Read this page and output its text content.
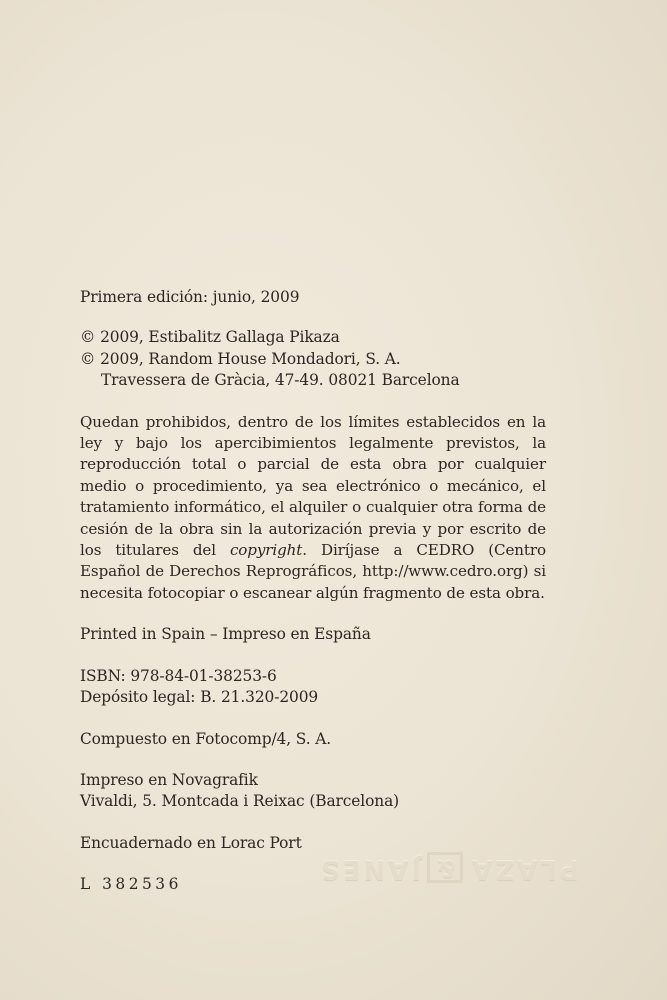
Primera edición: junio, 2009
© 2009, Estibalitz Gallaga Pikaza
© 2009, Random House Mondadori, S. A.
Travessera de Gràcia, 47-49. 08021 Barcelona

Quedan prohibidos, dentro de los límites establecidos en la ley y bajo los apercibimientos legalmente previstos, la reproducción total o parcial de esta obra por cualquier medio o procedimiento, ya sea electrónico o mecánico, el tratamiento informático, el alquiler o cualquier otra forma de cesión de la obra sin la autorización previa y por escrito de los titulares del copyright. Diríjase a CEDRO (Centro Español de Derechos Reprográficos, http://www.cedro.org) si necesita fotocopiar o escanear algún fragmento de esta obra.

Printed in Spain – Impreso en España
ISBN: 978-84-01-38253-6
Depósito legal: B. 21.320-2009
Compuesto en Fotocomp/4, S. A.
Impreso en Novagrafik
Vivaldi, 5. Montcada i Reixac (Barcelona)
Encuadernado en Lorac Port
L 382536
PLAZA&JANES
